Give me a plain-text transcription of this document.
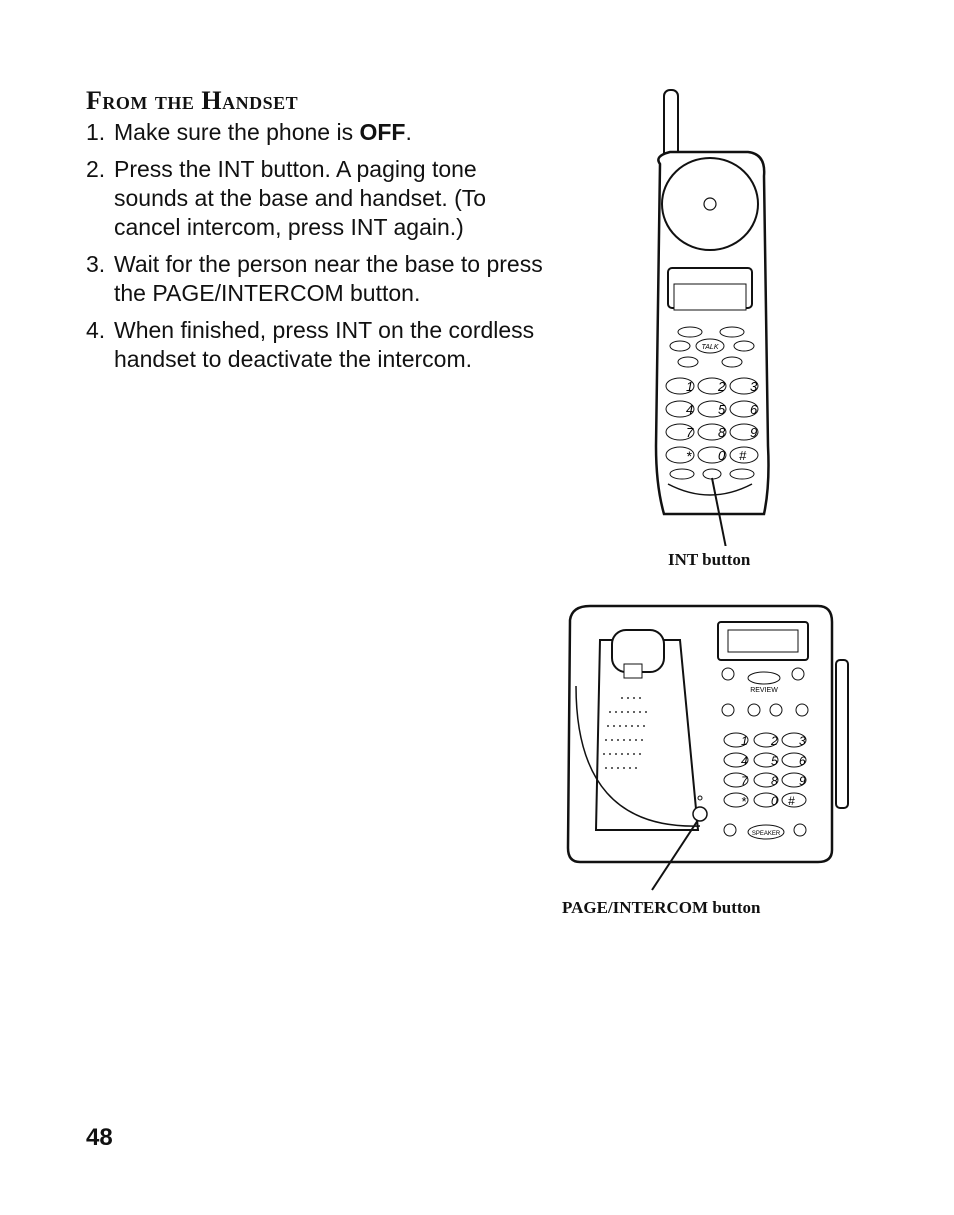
From the Handset
1. Make sure the phone is OFF.
2. Press the INT button. A paging tone sounds at the base and handset. (To cancel intercom, press INT again.)
3. Wait for the person near the base to press the PAGE/INTERCOM button.
4. When finished, press INT on the cordless handset to deactivate the intercom.	TALK
1 2 3
4 5 6
7 8 9
* 0 #
INT button
REVIEW
1 2 3
4 5 6
7 8 9
* 0 #
SPEAKER
PAGE/INTERCOM button
48
